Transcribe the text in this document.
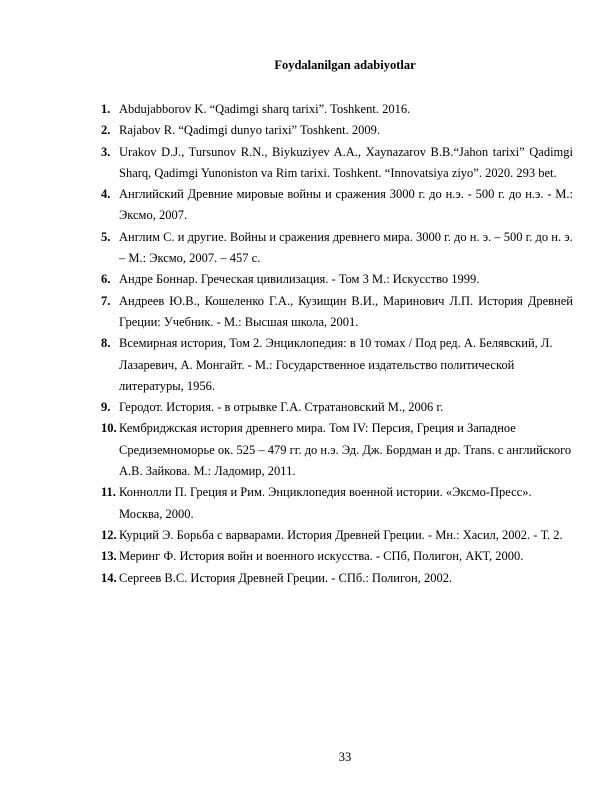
Foydalanilgan adabiyotlar
1. Abdujabborov K. “Qadimgi sharq tarixi”. Toshkent. 2016.
2. Rajabov R. “Qadimgi dunyo tarixi” Toshkent. 2009.
3. Urakov D.J., Tursunov R.N., Biykuziyev A.A., Xaynazarov B.B.“Jahon tarixi” Qadimgi Sharq, Qadimgi Yunoniston va Rim tarixi. Toshkent. “Innovatsiya ziyo”. 2020. 293 bet.
4. Английский Древние мировые войны и сражения 3000 г. до н.э. - 500 г. до н.э. - М.: Эксмо, 2007.
5. Англим С. и другие. Войны и сражения древнего мира. 3000 г. до н. э. – 500 г. до н. э. – М.: Эксмо, 2007. – 457 с.
6. Андре Боннар. Греческая цивилизация. - Том 3 М.: Искусство 1999.
7. Андреев Ю.В., Кошеленко Г.А., Кузищин В.И., Маринович Л.П. История Древней Греции: Учебник. - М.: Высшая школа, 2001.
8. Всемирная история, Том 2. Энциклопедия: в 10 томах / Под ред. А. Белявский, Л. Лазаревич, А. Монгайт. - М.: Государственное издательство политической литературы, 1956.
9. Геродот. История. - в отрывке Г.А. Стратановский М., 2006 г.
10. Кембриджская история древнего мира. Том IV: Персия, Греция и Западное Средиземноморье ок. 525 – 479 гг. до н.э. Эд. Дж. Бордман и др. Trans. с английского А.В. Зайкова. М.: Ладомир, 2011.
11. Коннолли П. Греция и Рим. Энциклопедия военной истории. «Эксмо-Пресс». Москва, 2000.
12. Курций Э. Борьба с варварами. История Древней Греции. - Мн.: Хасил, 2002. - Т. 2.
13. Меринг Ф. История войн и военного искусства. - СПб, Полигон, АКТ, 2000.
14. Сергеев В.С. История Древней Греции. - СПб.: Полигон, 2002.
33
